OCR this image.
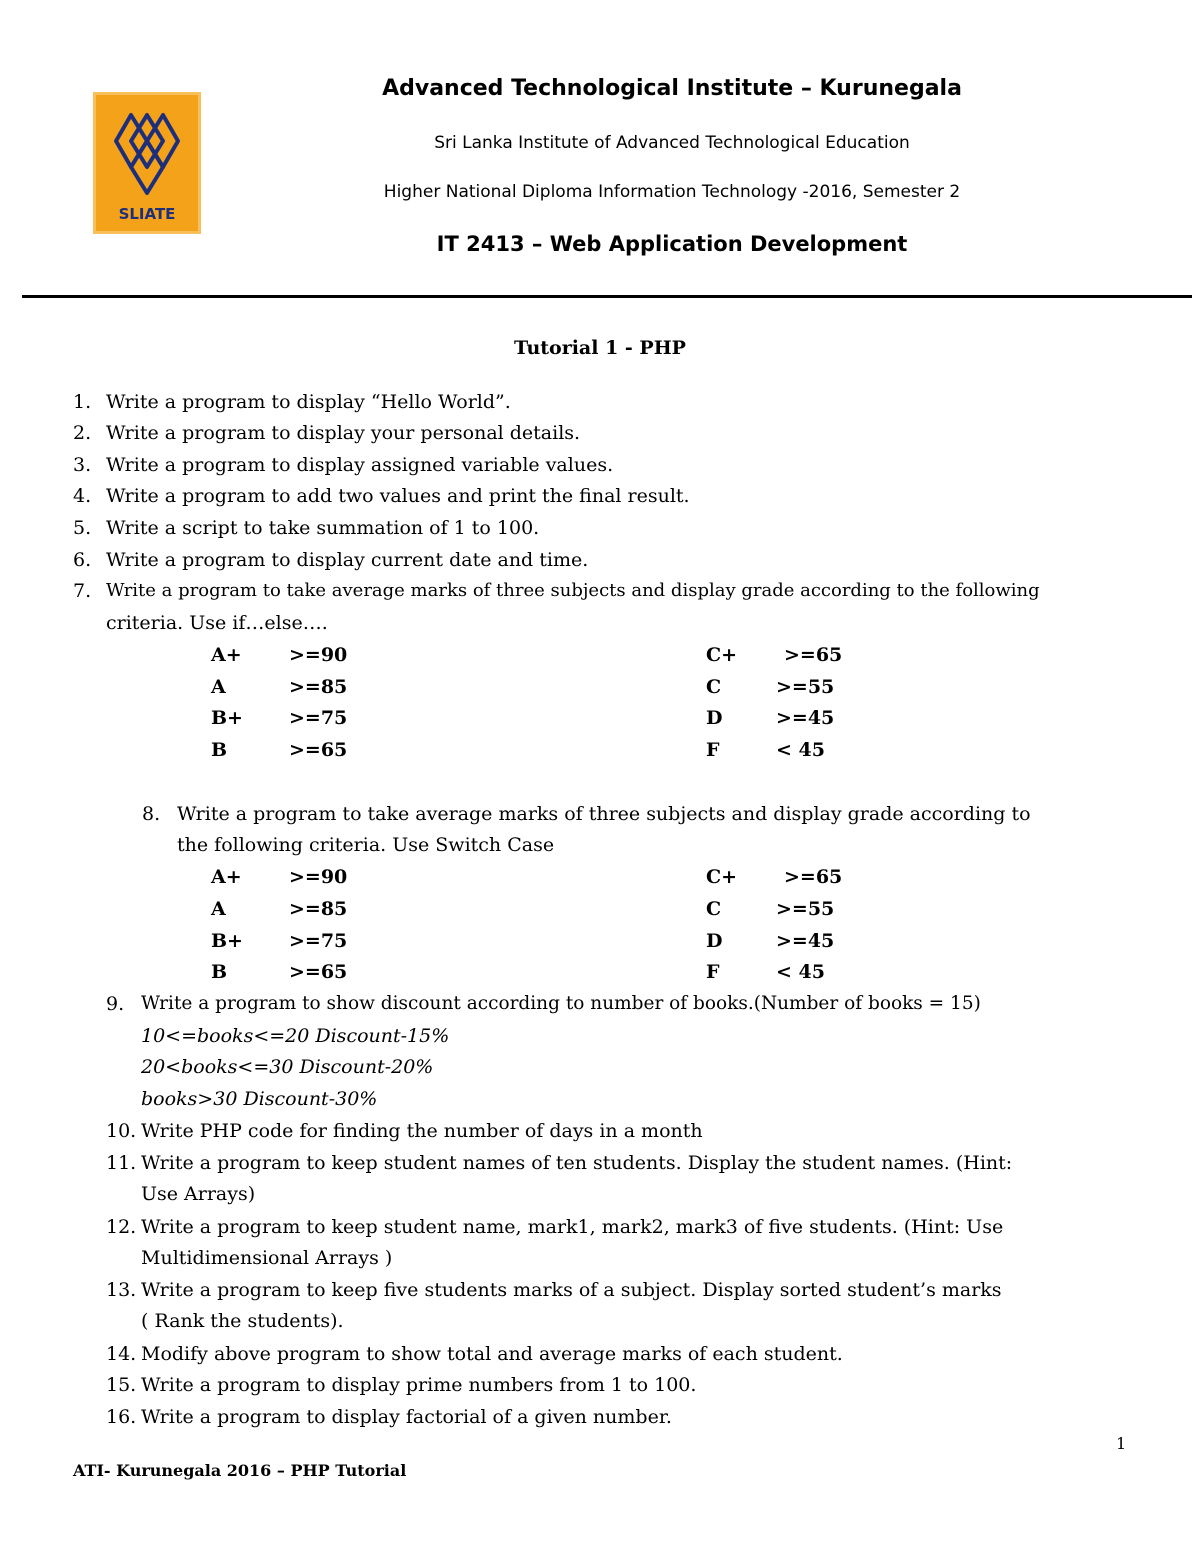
SLIATE
Advanced Technological Institute – Kurunegala
Sri Lanka Institute of Advanced Technological Education
Higher National Diploma Information Technology -2016, Semester 2
IT 2413 – Web Application Development
Tutorial 1 - PHP
1. Write a program to display “Hello World”.
2. Write a program to display your personal details.
3. Write a program to display assigned variable values.
4. Write a program to add two values and print the final result.
5. Write a script to take summation of 1 to 100.
6. Write a program to display current date and time.
7. Write a program to take average marks of three subjects and display grade according to the following
criteria. Use if…else….
A+ >=90	C+ >=65
A	>=85	C	>=55
B+ >=75	D	>=45
B	>=65	F	< 45
8. Write a program to take average marks of three subjects and display grade according to
the following criteria. Use Switch Case
A+ >=90	C+ >=65
A	>=85	C	>=55
B+ >=75	D	>=45
B	>=65	F	< 45
9. Write a program to show discount according to number of books.(Number of books = 15)
10<=books<=20 Discount-15%
20<books<=30 Discount-20%
books>30 Discount-30%
10. Write PHP code for finding the number of days in a month
11. Write a program to keep student names of ten students. Display the student names. (Hint:
Use Arrays)
12. Write a program to keep student name, mark1, mark2, mark3 of five students. (Hint: Use
Multidimensional Arrays )
13. Write a program to keep five students marks of a subject. Display sorted student’s marks
( Rank the students).
14. Modify above program to show total and average marks of each student.
15. Write a program to display prime numbers from 1 to 100.
16. Write a program to display factorial of a given number.
1
ATI- Kurunegala 2016 – PHP Tutorial
